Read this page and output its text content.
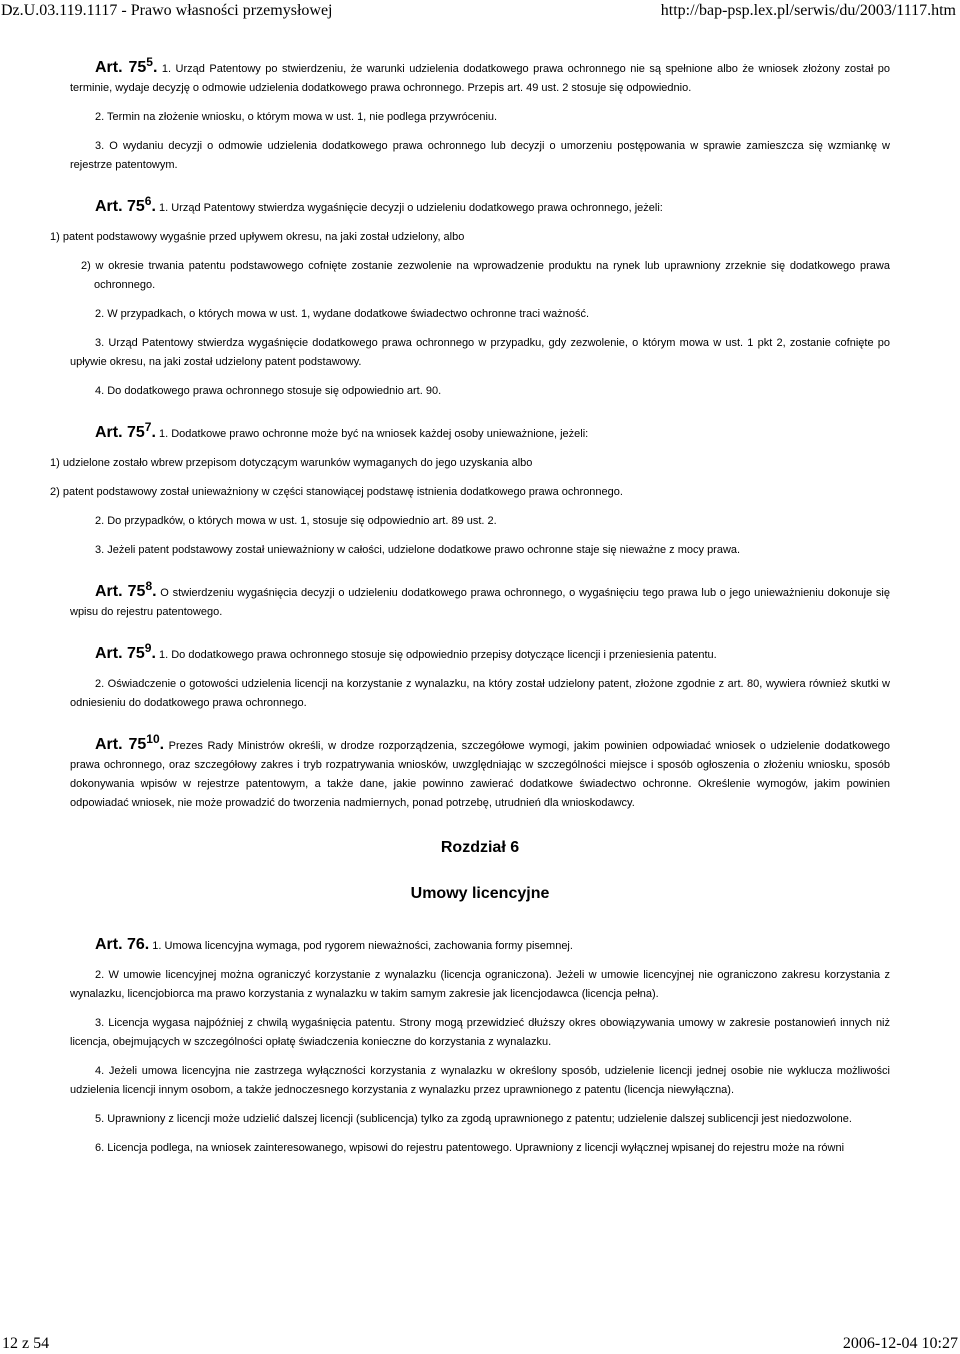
Dz.U.03.119.1117 - Prawo własności przemysłowej	http://bap-psp.lex.pl/serwis/du/2003/1117.htm

Art. $75^5$. 1. Urząd Patentowy po stwierdzeniu, że warunki udzielenia dodatkowego prawa ochronnego nie są spełnione albo że wniosek złożony został po terminie, wydaje decyzję o odmowie udzielenia dodatkowego prawa ochronnego. Przepis art. 49 ust. 2 stosuje się odpowiednio.

2. Termin na złożenie wniosku, o którym mowa w ust. 1, nie podlega przywróceniu.

3. O wydaniu decyzji o odmowie udzielenia dodatkowego prawa ochronnego lub decyzji o umorzeniu postępowania w sprawie zamieszcza się wzmiankę w rejestrze patentowym.

Art. $75^6$. 1. Urząd Patentowy stwierdza wygaśnięcie decyzji o udzieleniu dodatkowego prawa ochronnego, jeżeli:

1) patent podstawowy wygaśnie przed upływem okresu, na jaki został udzielony, albo

2) w okresie trwania patentu podstawowego cofnięte zostanie zezwolenie na wprowadzenie produktu na rynek lub uprawniony zrzeknie się dodatkowego prawa ochronnego.

2. W przypadkach, o których mowa w ust. 1, wydane dodatkowe świadectwo ochronne traci ważność.

3. Urząd Patentowy stwierdza wygaśnięcie dodatkowego prawa ochronnego w przypadku, gdy zezwolenie, o którym mowa w ust. 1 pkt 2, zostanie cofnięte po upływie okresu, na jaki został udzielony patent podstawowy.

4. Do dodatkowego prawa ochronnego stosuje się odpowiednio art. 90.

Art. $75^7$. 1. Dodatkowe prawo ochronne może być na wniosek każdej osoby unieważnione, jeżeli:

1) udzielone zostało wbrew przepisom dotyczącym warunków wymaganych do jego uzyskania albo

2) patent podstawowy został unieważniony w części stanowiącej podstawę istnienia dodatkowego prawa ochronnego.

2. Do przypadków, o których mowa w ust. 1, stosuje się odpowiednio art. 89 ust. 2.

3. Jeżeli patent podstawowy został unieważniony w całości, udzielone dodatkowe prawo ochronne staje się nieważne z mocy prawa.

Art. $75^8$. O stwierdzeniu wygaśnięcia decyzji o udzieleniu dodatkowego prawa ochronnego, o wygaśnięciu tego prawa lub o jego unieważnieniu dokonuje się wpisu do rejestru patentowego.

Art. $75^9$. 1. Do dodatkowego prawa ochronnego stosuje się odpowiednio przepisy dotyczące licencji i przeniesienia patentu.

2. Oświadczenie o gotowości udzielenia licencji na korzystanie z wynalazku, na który został udzielony patent, złożone zgodnie z art. 80, wywiera również skutki w odniesieniu do dodatkowego prawa ochronnego.

Art. $75^{10}$. Prezes Rady Ministrów określi, w drodze rozporządzenia, szczegółowe wymogi, jakim powinien odpowiadać wniosek o udzielenie dodatkowego prawa ochronnego, oraz szczegółowy zakres i tryb rozpatrywania wniosków, uwzględniając w szczególności miejsce i sposób ogłoszenia o złożeniu wniosku, sposób dokonywania wpisów w rejestrze patentowym, a także dane, jakie powinno zawierać dodatkowe świadectwo ochronne. Określenie wymogów, jakim powinien odpowiadać wniosek, nie może prowadzić do tworzenia nadmiernych, ponad potrzebę, utrudnień dla wnioskodawcy.

Rozdział 6
Umowy licencyjne

Art. 76. 1. Umowa licencyjna wymaga, pod rygorem nieważności, zachowania formy pisemnej.

2. W umowie licencyjnej można ograniczyć korzystanie z wynalazku (licencja ograniczona). Jeżeli w umowie licencyjnej nie ograniczono zakresu korzystania z wynalazku, licencjobiorca ma prawo korzystania z wynalazku w takim samym zakresie jak licencjodawca (licencja pełna).

3. Licencja wygasa najpóźniej z chwilą wygaśnięcia patentu. Strony mogą przewidzieć dłuższy okres obowiązywania umowy w zakresie postanowień innych niż licencja, obejmujących w szczególności opłatę świadczenia konieczne do korzystania z wynalazku.

4. Jeżeli umowa licencyjna nie zastrzega wyłączności korzystania z wynalazku w określony sposób, udzielenie licencji jednej osobie nie wyklucza możliwości udzielenia licencji innym osobom, a także jednoczesnego korzystania z wynalazku przez uprawnionego z patentu (licencja niewyłączna).

5. Uprawniony z licencji może udzielić dalszej licencji (sublicencja) tylko za zgodą uprawnionego z patentu; udzielenie dalszej sublicencji jest niedozwolone.

6. Licencja podlega, na wniosek zainteresowanego, wpisowi do rejestru patentowego. Uprawniony z licencji wyłącznej wpisanej do rejestru może na równi

12 z 54	2006-12-04 10:27
